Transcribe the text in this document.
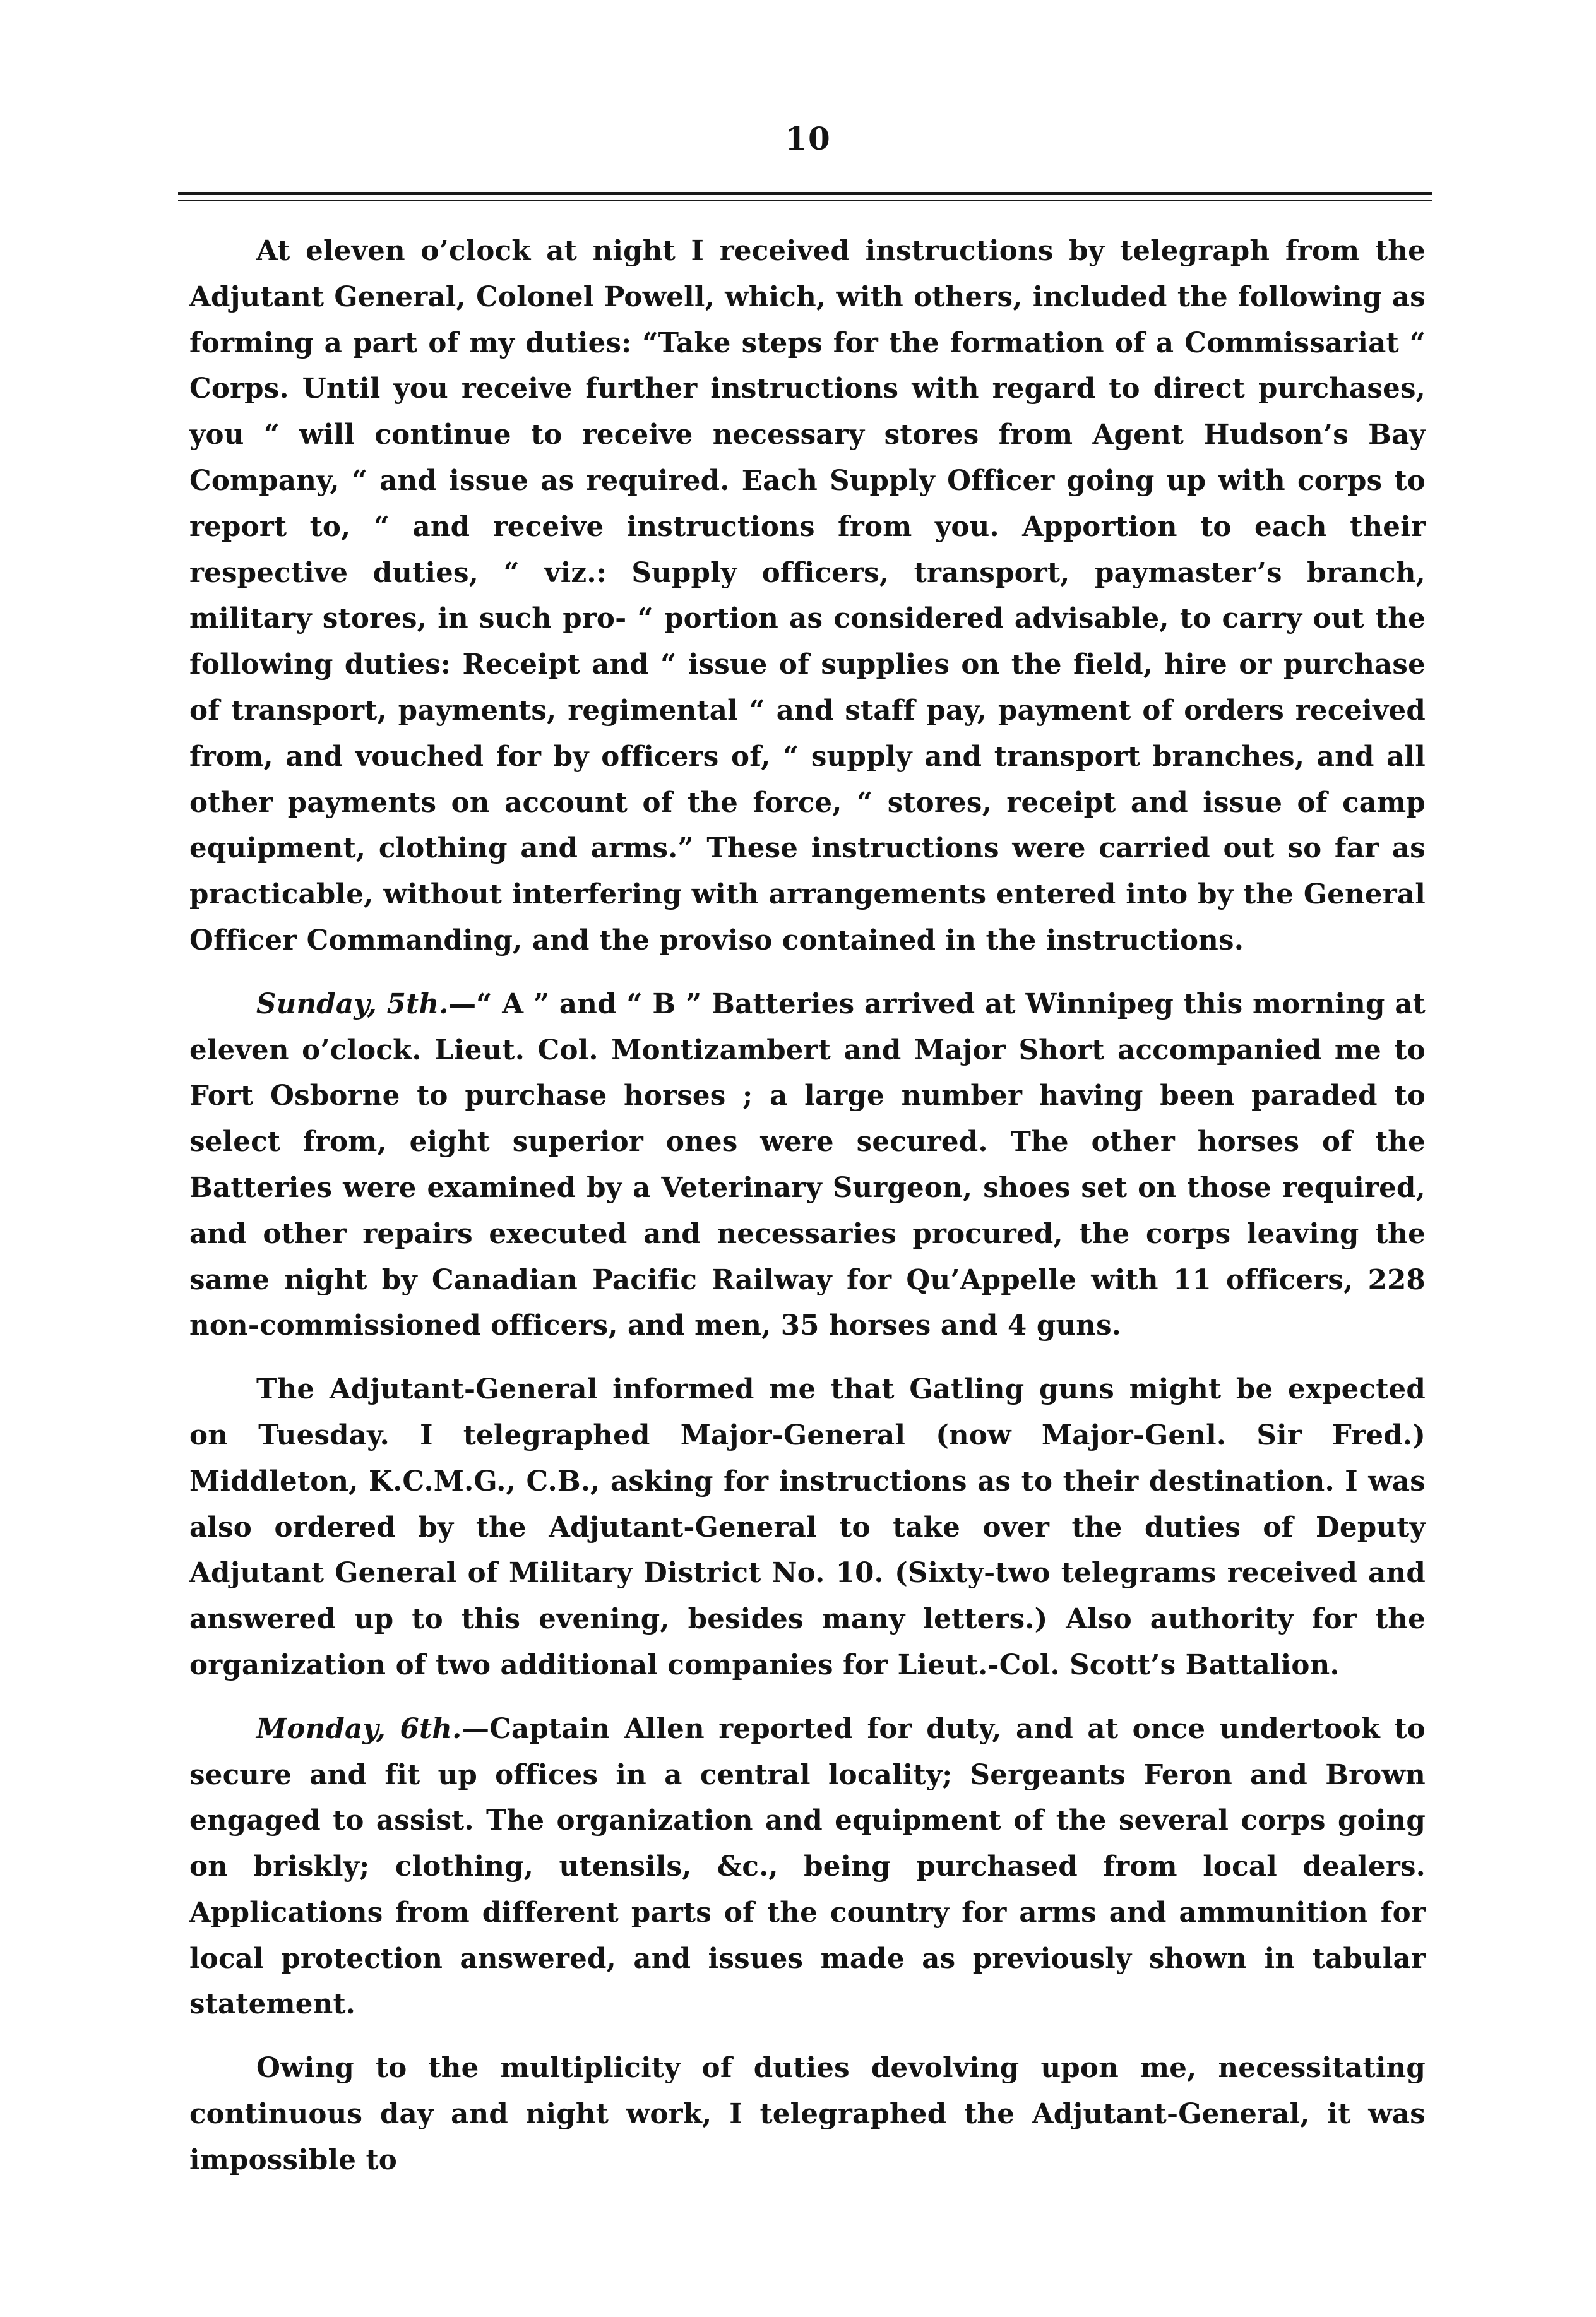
10

At eleven o’clock at night I received instructions by telegraph from the Adjutant General, Colonel Powell, which, with others, included the following as forming a part of my duties: “Take steps for the formation of a Commissariat “ Corps. Until you receive further instructions with regard to direct purchases, you “ will continue to receive necessary stores from Agent Hudson’s Bay Company, “ and issue as required. Each Supply Officer going up with corps to report to, “ and receive instructions from you. Apportion to each their respective duties, “ viz.: Supply officers, transport, paymaster’s branch, military stores, in such pro- “ portion as considered advisable, to carry out the following duties: Receipt and “ issue of supplies on the field, hire or purchase of transport, payments, regimental “ and staff pay, payment of orders received from, and vouched for by officers of, “ supply and transport branches, and all other payments on account of the force, “ stores, receipt and issue of camp equipment, clothing and arms.” These instructions were carried out so far as practicable, without interfering with arrangements entered into by the General Officer Commanding, and the proviso contained in the instructions.

Sunday, 5th.—“ A ” and “ B ” Batteries arrived at Winnipeg this morning at eleven o’clock. Lieut. Col. Montizambert and Major Short accompanied me to Fort Osborne to purchase horses ; a large number having been paraded to select from, eight superior ones were secured. The other horses of the Batteries were examined by a Veterinary Surgeon, shoes set on those required, and other repairs executed and necessaries procured, the corps leaving the same night by Canadian Pacific Railway for Qu’Appelle with 11 officers, 228 non-commissioned officers, and men, 35 horses and 4 guns.

The Adjutant-General informed me that Gatling guns might be expected on Tuesday. I telegraphed Major-General (now Major-Genl. Sir Fred.) Middleton, K.C.M.G., C.B., asking for instructions as to their destination. I was also ordered by the Adjutant-General to take over the duties of Deputy Adjutant General of Military District No. 10. (Sixty-two telegrams received and answered up to this evening, besides many letters.) Also authority for the organization of two additional companies for Lieut.-Col. Scott’s Battalion.

Monday, 6th.—Captain Allen reported for duty, and at once undertook to secure and fit up offices in a central locality; Sergeants Feron and Brown engaged to assist. The organization and equipment of the several corps going on briskly; clothing, utensils, &c., being purchased from local dealers. Applications from different parts of the country for arms and ammunition for local protection answered, and issues made as previously shown in tabular statement.

Owing to the multiplicity of duties devolving upon me, necessitating continuous day and night work, I telegraphed the Adjutant-General, it was impossible to
